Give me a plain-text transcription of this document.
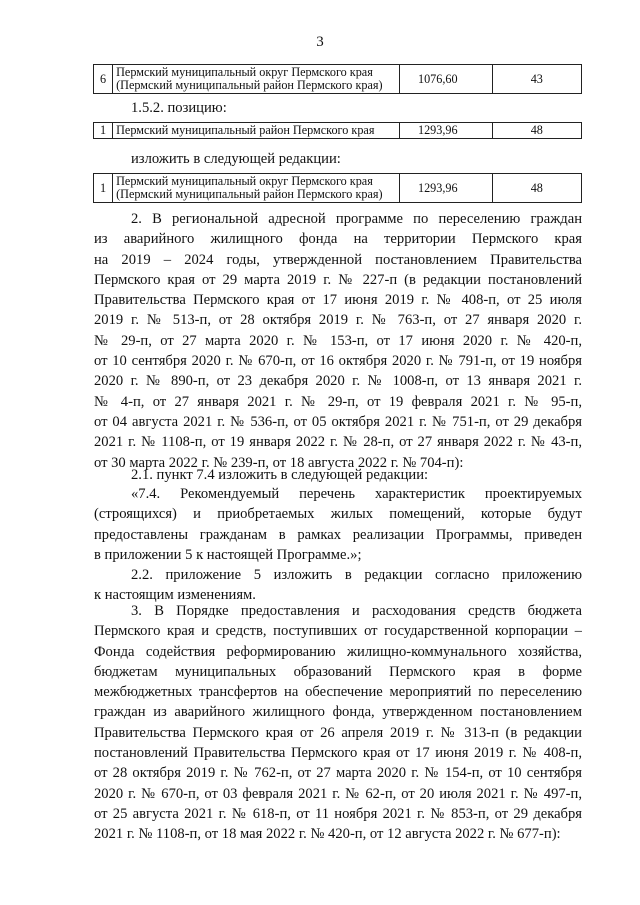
3
6	Пермский муниципальный округ Пермского края
(Пермский муниципальный район Пермского края)	1076,60	43
1.5.2. позицию:
1	Пермский муниципальный район Пермского края	1293,96	48
изложить в следующей редакции:
1	Пермский муниципальный округ Пермского края
(Пермский муниципальный район Пермского края)	1293,96	48
2. В региональной адресной программе по переселению граждан
из аварийного жилищного фонда на территории Пермского края
на 2019 – 2024 годы, утвержденной постановлением Правительства
Пермского края от 29 марта 2019 г. № 227-п (в редакции постановлений
Правительства Пермского края от 17 июня 2019 г. № 408-п, от 25 июля
2019 г. № 513-п, от 28 октября 2019 г. № 763-п, от 27 января 2020 г.
№ 29-п, от 27 марта 2020 г. № 153-п, от 17 июня 2020 г. № 420-п,
от 10 сентября 2020 г. № 670-п, от 16 октября 2020 г. № 791-п, от 19 ноября
2020 г. № 890-п, от 23 декабря 2020 г. № 1008-п, от 13 января 2021 г.
№ 4-п, от 27 января 2021 г. № 29-п, от 19 февраля 2021 г. № 95-п,
от 04 августа 2021 г. № 536-п, от 05 октября 2021 г. № 751-п, от 29 декабря
2021 г. № 1108-п, от 19 января 2022 г. № 28-п, от 27 января 2022 г. № 43-п,
от 30 марта 2022 г. № 239-п, от 18 августа 2022 г. № 704-п):
2.1. пункт 7.4 изложить в следующей редакции:
«7.4. Рекомендуемый перечень характеристик проектируемых
(строящихся) и приобретаемых жилых помещений, которые будут
предоставлены гражданам в рамках реализации Программы, приведен
в приложении 5 к настоящей Программе.»;
2.2. приложение 5 изложить в редакции согласно приложению
к настоящим изменениям.
3. В Порядке предоставления и расходования средств бюджета
Пермского края и средств, поступивших от государственной корпорации –
Фонда содействия реформированию жилищно-коммунального хозяйства,
бюджетам муниципальных образований Пермского края в форме
межбюджетных трансфертов на обеспечение мероприятий по переселению
граждан из аварийного жилищного фонда, утвержденном постановлением
Правительства Пермского края от 26 апреля 2019 г. № 313-п (в редакции
постановлений Правительства Пермского края от 17 июня 2019 г. № 408-п,
от 28 октября 2019 г. № 762-п, от 27 марта 2020 г. № 154-п, от 10 сентября
2020 г. № 670-п, от 03 февраля 2021 г. № 62-п, от 20 июля 2021 г. № 497-п,
от 25 августа 2021 г. № 618-п, от 11 ноября 2021 г. № 853-п, от 29 декабря
2021 г. № 1108-п, от 18 мая 2022 г. № 420-п, от 12 августа 2022 г. № 677-п):
